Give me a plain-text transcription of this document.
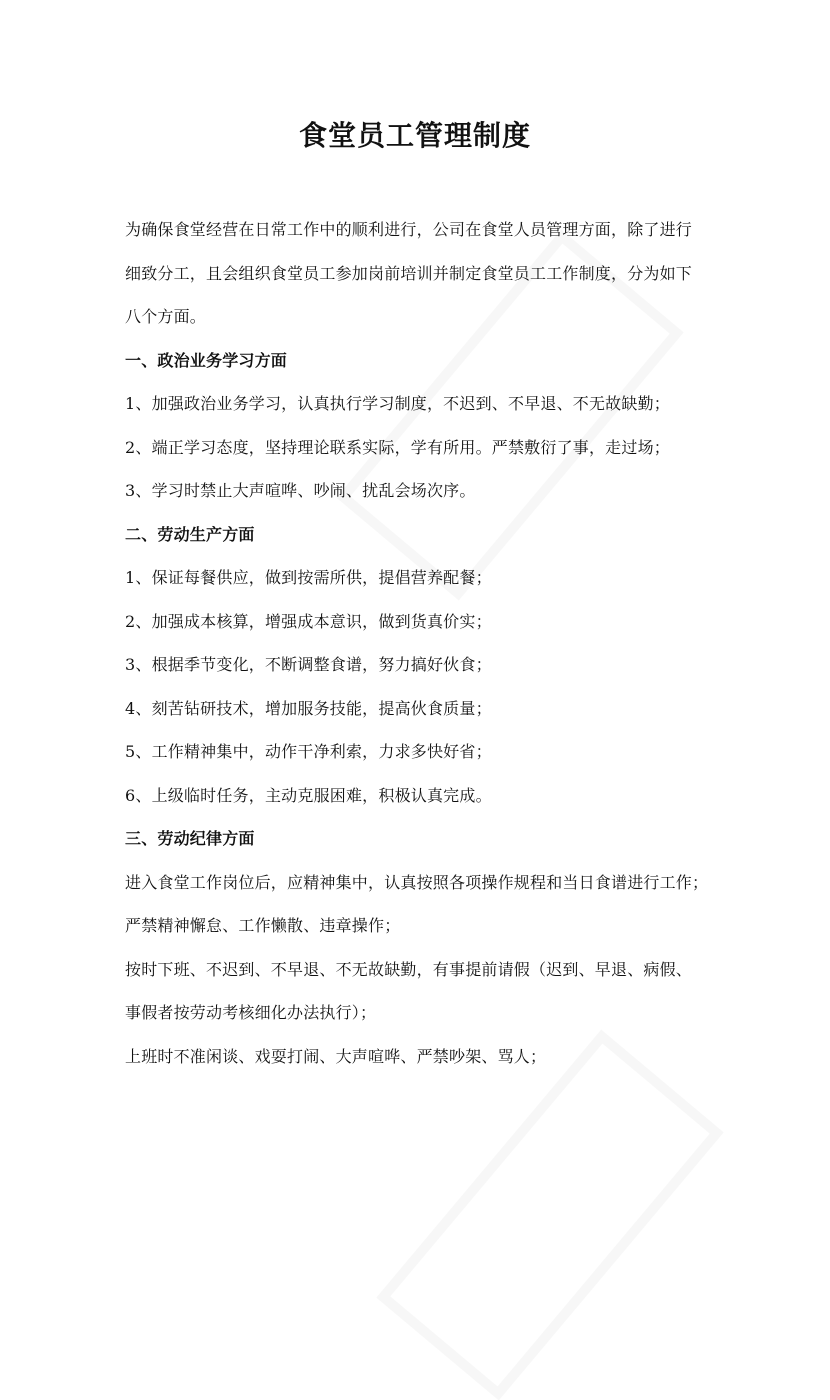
食堂员工管理制度
为确保食堂经营在日常工作中的顺利进行，公司在食堂人员管理方面，除了进行
细致分工，且会组织食堂员工参加岗前培训并制定食堂员工工作制度，分为如下
八个方面。
一、政治业务学习方面
1、加强政治业务学习，认真执行学习制度，不迟到、不早退、不无故缺勤；
2、端正学习态度，坚持理论联系实际，学有所用。严禁敷衍了事，走过场；
3、学习时禁止大声喧哗、吵闹、扰乱会场次序。
二、劳动生产方面
1、保证每餐供应，做到按需所供，提倡营养配餐；
2、加强成本核算，增强成本意识，做到货真价实；
3、根据季节变化，不断调整食谱，努力搞好伙食；
4、刻苦钻研技术，增加服务技能，提高伙食质量；
5、工作精神集中，动作干净利索，力求多快好省；
6、上级临时任务，主动克服困难，积极认真完成。
三、劳动纪律方面
进入食堂工作岗位后，应精神集中，认真按照各项操作规程和当日食谱进行工作；
严禁精神懈怠、工作懒散、违章操作；
按时下班、不迟到、不早退、不无故缺勤，有事提前请假（迟到、早退、病假、
事假者按劳动考核细化办法执行）；
上班时不准闲谈、戏耍打闹、大声喧哗、严禁吵架、骂人；
